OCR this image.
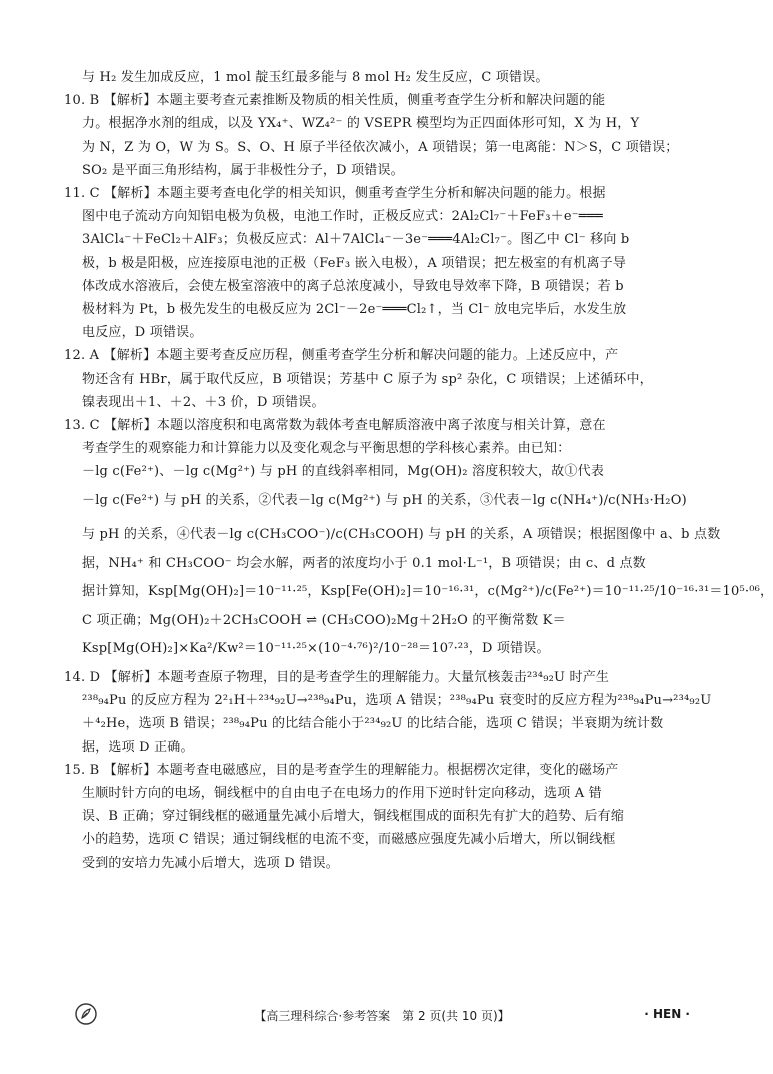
与 H₂ 发生加成反应，1 mol 靛玉红最多能与 8 mol H₂ 发生反应，C 项错误。
10. B 【解析】本题主要考查元素推断及物质的相关性质，侧重考查学生分析和解决问题的能
力。根据净水剂的组成，以及 YX₄⁺、WZ₄²⁻ 的 VSEPR 模型均为正四面体形可知，X 为 H，Y
为 N，Z 为 O，W 为 S。S、O、H 原子半径依次减小，A 项错误；第一电离能：N＞S，C 项错误；
SO₂ 是平面三角形结构，属于非极性分子，D 项错误。
11. C 【解析】本题主要考查电化学的相关知识，侧重考查学生分析和解决问题的能力。根据
图中电子流动方向知铝电极为负极，电池工作时，正极反应式：2Al₂Cl₇⁻＋FeF₃＋e⁻═══
3AlCl₄⁻＋FeCl₂＋AlF₃；负极反应式：Al＋7AlCl₄⁻－3e⁻═══4Al₂Cl₇⁻。图乙中 Cl⁻ 移向 b
极，b 极是阳极，应连接原电池的正极（FeF₃ 嵌入电极），A 项错误；把左极室的有机离子导
体改成水溶液后，会使左极室溶液中的离子总浓度减小，导致电导效率下降，B 项错误；若 b
极材料为 Pt，b 极先发生的电极反应为 2Cl⁻－2e⁻═══Cl₂↑，当 Cl⁻ 放电完毕后，水发生放
电反应，D 项错误。
12. A 【解析】本题主要考查反应历程，侧重考查学生分析和解决问题的能力。上述反应中，产
物还含有 HBr，属于取代反应，B 项错误；芳基中 C 原子为 sp² 杂化，C 项错误；上述循环中，
镍表现出＋1、＋2、＋3 价，D 项错误。
13. C 【解析】本题以溶度积和电离常数为载体考查电解质溶液中离子浓度与相关计算，意在
考查学生的观察能力和计算能力以及变化观念与平衡思想的学科核心素养。由已知：
－lg c(Fe²⁺)、－lg c(Mg²⁺) 与 pH 的直线斜率相同，Mg(OH)₂ 溶度积较大，故①代表
－lg c(Fe²⁺) 与 pH 的关系，②代表－lg c(Mg²⁺) 与 pH 的关系，③代表－lg c(NH₄⁺)/c(NH₃·H₂O)
与 pH 的关系，④代表－lg c(CH₃COO⁻)/c(CH₃COOH) 与 pH 的关系，A 项错误；根据图像中 a、b 点数
据，NH₄⁺ 和 CH₃COO⁻ 均会水解，两者的浓度均小于 0.1 mol·L⁻¹，B 项错误；由 c、d 点数
据计算知，Ksp[Mg(OH)₂]＝10⁻¹¹·²⁵，Ksp[Fe(OH)₂]＝10⁻¹⁶·³¹，c(Mg²⁺)/c(Fe²⁺)＝10⁻¹¹·²⁵/10⁻¹⁶·³¹＝10⁵·⁰⁶，
C 项正确；Mg(OH)₂＋2CH₃COOH ⇌ (CH₃COO)₂Mg＋2H₂O 的平衡常数 K＝
Ksp[Mg(OH)₂]×Ka²/Kw²＝10⁻¹¹·²⁵×(10⁻⁴·⁷⁶)²/10⁻²⁸＝10⁷·²³，D 项错误。
14. D 【解析】本题考查原子物理，目的是考查学生的理解能力。大量氘核轰击²³⁴₉₂U 时产生
²³⁸₉₄Pu 的反应方程为 2²₁H＋²³⁴₉₂U→²³⁸₉₄Pu，选项 A 错误；²³⁸₉₄Pu 衰变时的反应方程为²³⁸₉₄Pu→²³⁴₉₂U
＋⁴₂He，选项 B 错误；²³⁸₉₄Pu 的比结合能小于²³⁴₉₂U 的比结合能，选项 C 错误；半衰期为统计数
据，选项 D 正确。
15. B 【解析】本题考查电磁感应，目的是考查学生的理解能力。根据楞次定律，变化的磁场产
生顺时针方向的电场，铜线框中的自由电子在电场力的作用下逆时针定向移动，选项 A 错
误、B 正确；穿过铜线框的磁通量先减小后增大，铜线框围成的面积先有扩大的趋势、后有缩
小的趋势，选项 C 错误；通过铜线框的电流不变，而磁感应强度先减小后增大，所以铜线框
受到的安培力先减小后增大，选项 D 错误。
【高三理科综合·参考答案　第 2 页(共 10 页)】	· HEN ·
